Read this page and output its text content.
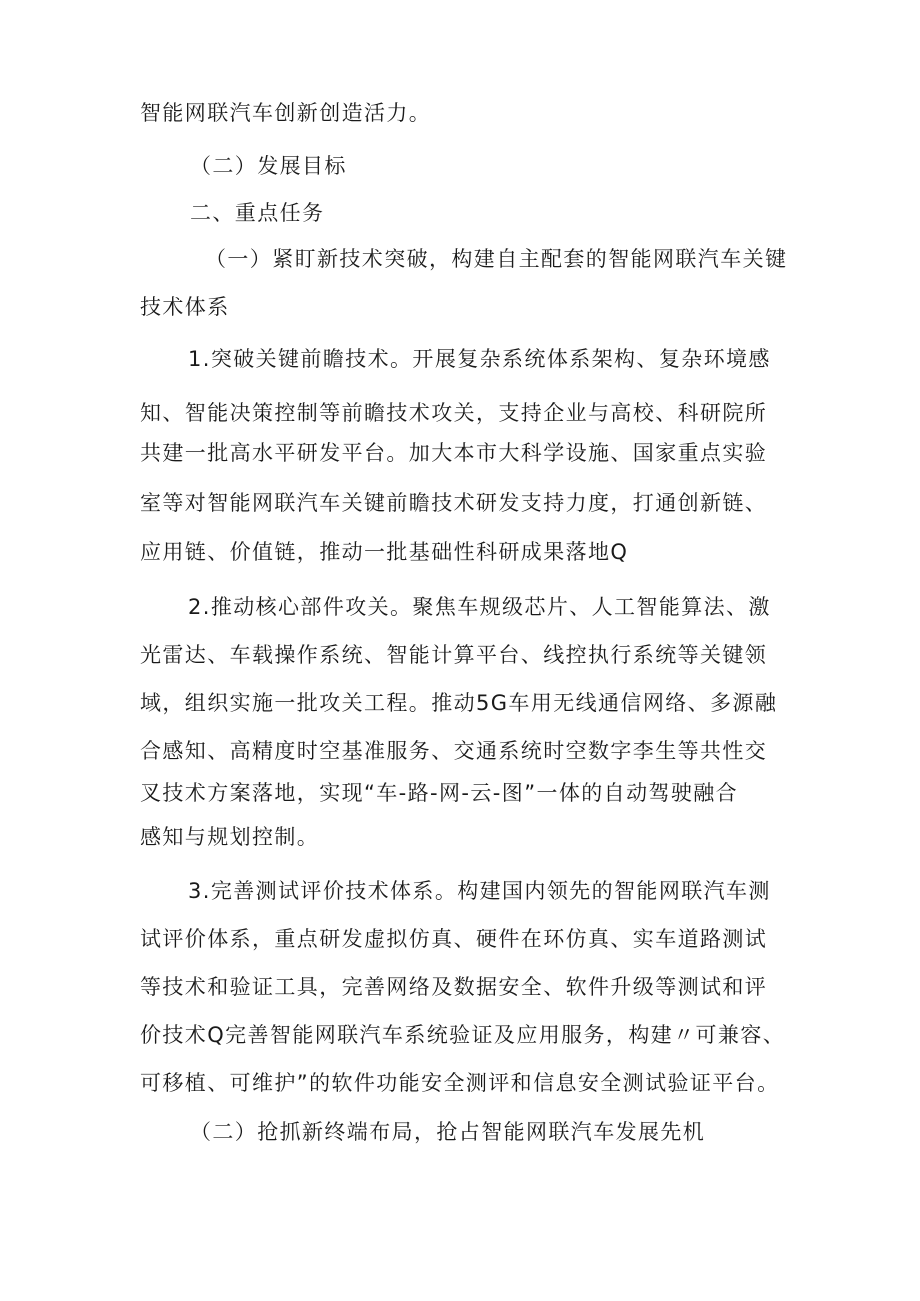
智能网联汽车创新创造活力。
（二）发展目标
二、重点任务
（一）紧盯新技术突破，构建自主配套的智能网联汽车关键
技术体系
1.突破关键前瞻技术。开展复杂系统体系架构、复杂环境感
知、智能决策控制等前瞻技术攻关，支持企业与高校、科研院所
共建一批高水平研发平台。加大本市大科学设施、国家重点实验
室等对智能网联汽车关键前瞻技术研发支持力度，打通创新链、
应用链、价值链，推动一批基础性科研成果落地Q
2.推动核心部件攻关。聚焦车规级芯片、人工智能算法、激
光雷达、车载操作系统、智能计算平台、线控执行系统等关键领
域，组织实施一批攻关工程。推动5G车用无线通信网络、多源融
合感知、高精度时空基准服务、交通系统时空数字李生等共性交
叉技术方案落地，实现“车-路-网-云-图”一体的自动驾驶融合
感知与规划控制。
3.完善测试评价技术体系。构建国内领先的智能网联汽车测
试评价体系，重点研发虚拟仿真、硬件在环仿真、实车道路测试
等技术和验证工具，完善网络及数据安全、软件升级等测试和评
价技术Q完善智能网联汽车系统验证及应用服务，构建〃可兼容、
可移植、可维护”的软件功能安全测评和信息安全测试验证平台。
（二）抢抓新终端布局，抢占智能网联汽车发展先机
